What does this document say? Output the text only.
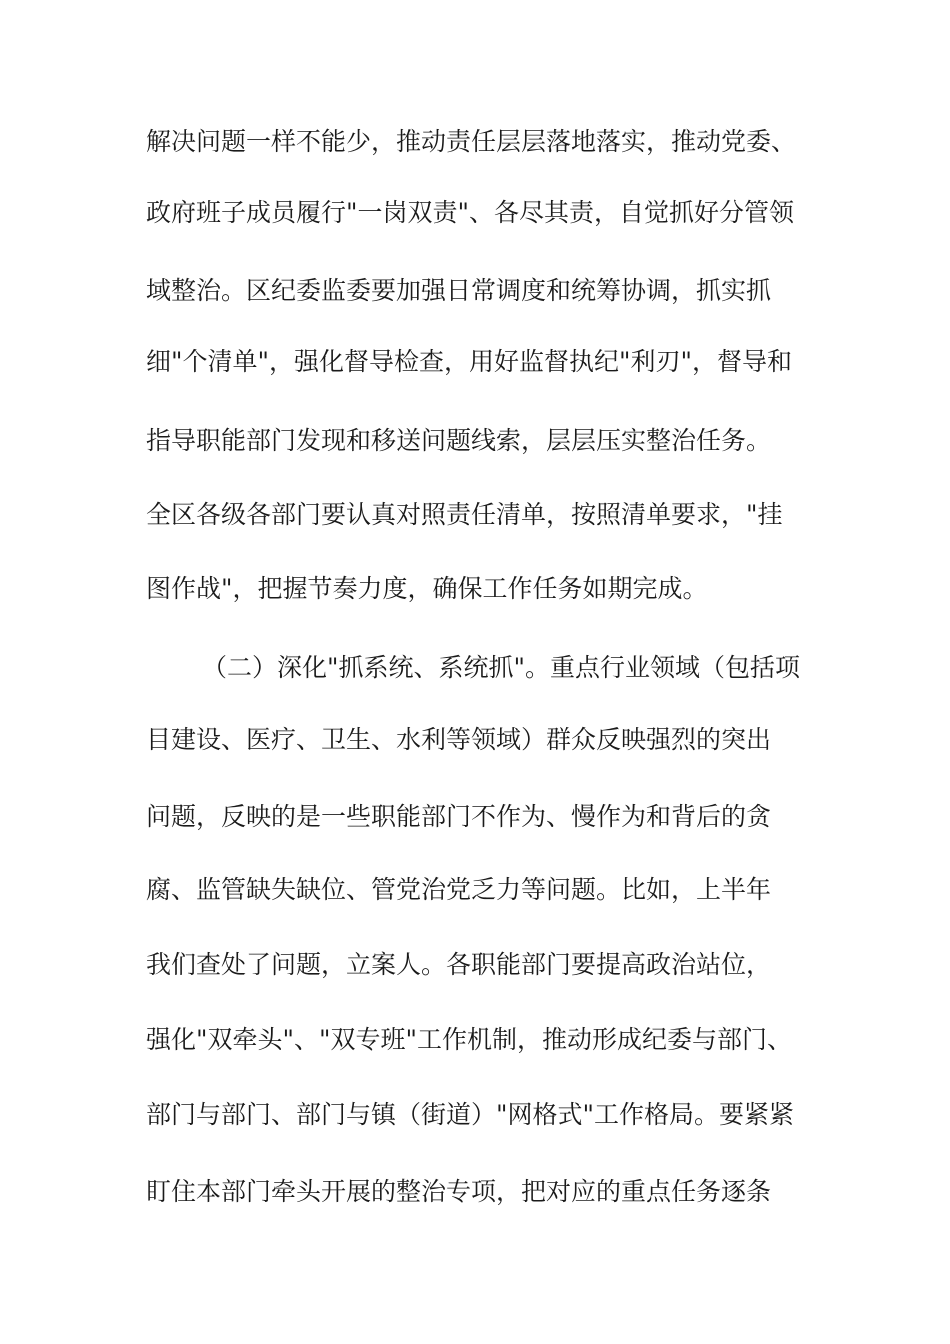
解决问题一样不能少，推动责任层层落地落实，推动党委、
政府班子成员履行"一岗双责"、各尽其责，自觉抓好分管领
域整治。区纪委监委要加强日常调度和统筹协调，抓实抓
细"个清单"，强化督导检查，用好监督执纪"利刃"，督导和
指导职能部门发现和移送问题线索，层层压实整治任务。
全区各级各部门要认真对照责任清单，按照清单要求，"挂
图作战"，把握节奏力度，确保工作任务如期完成。
（二）深化"抓系统、系统抓"。重点行业领域（包括项
目建设、医疗、卫生、水利等领域）群众反映强烈的突出
问题，反映的是一些职能部门不作为、慢作为和背后的贪
腐、监管缺失缺位、管党治党乏力等问题。比如，上半年
我们查处了问题，立案人。各职能部门要提高政治站位，
强化"双牵头"、"双专班"工作机制，推动形成纪委与部门、
部门与部门、部门与镇（街道）"网格式"工作格局。要紧紧
盯住本部门牵头开展的整治专项，把对应的重点任务逐条
